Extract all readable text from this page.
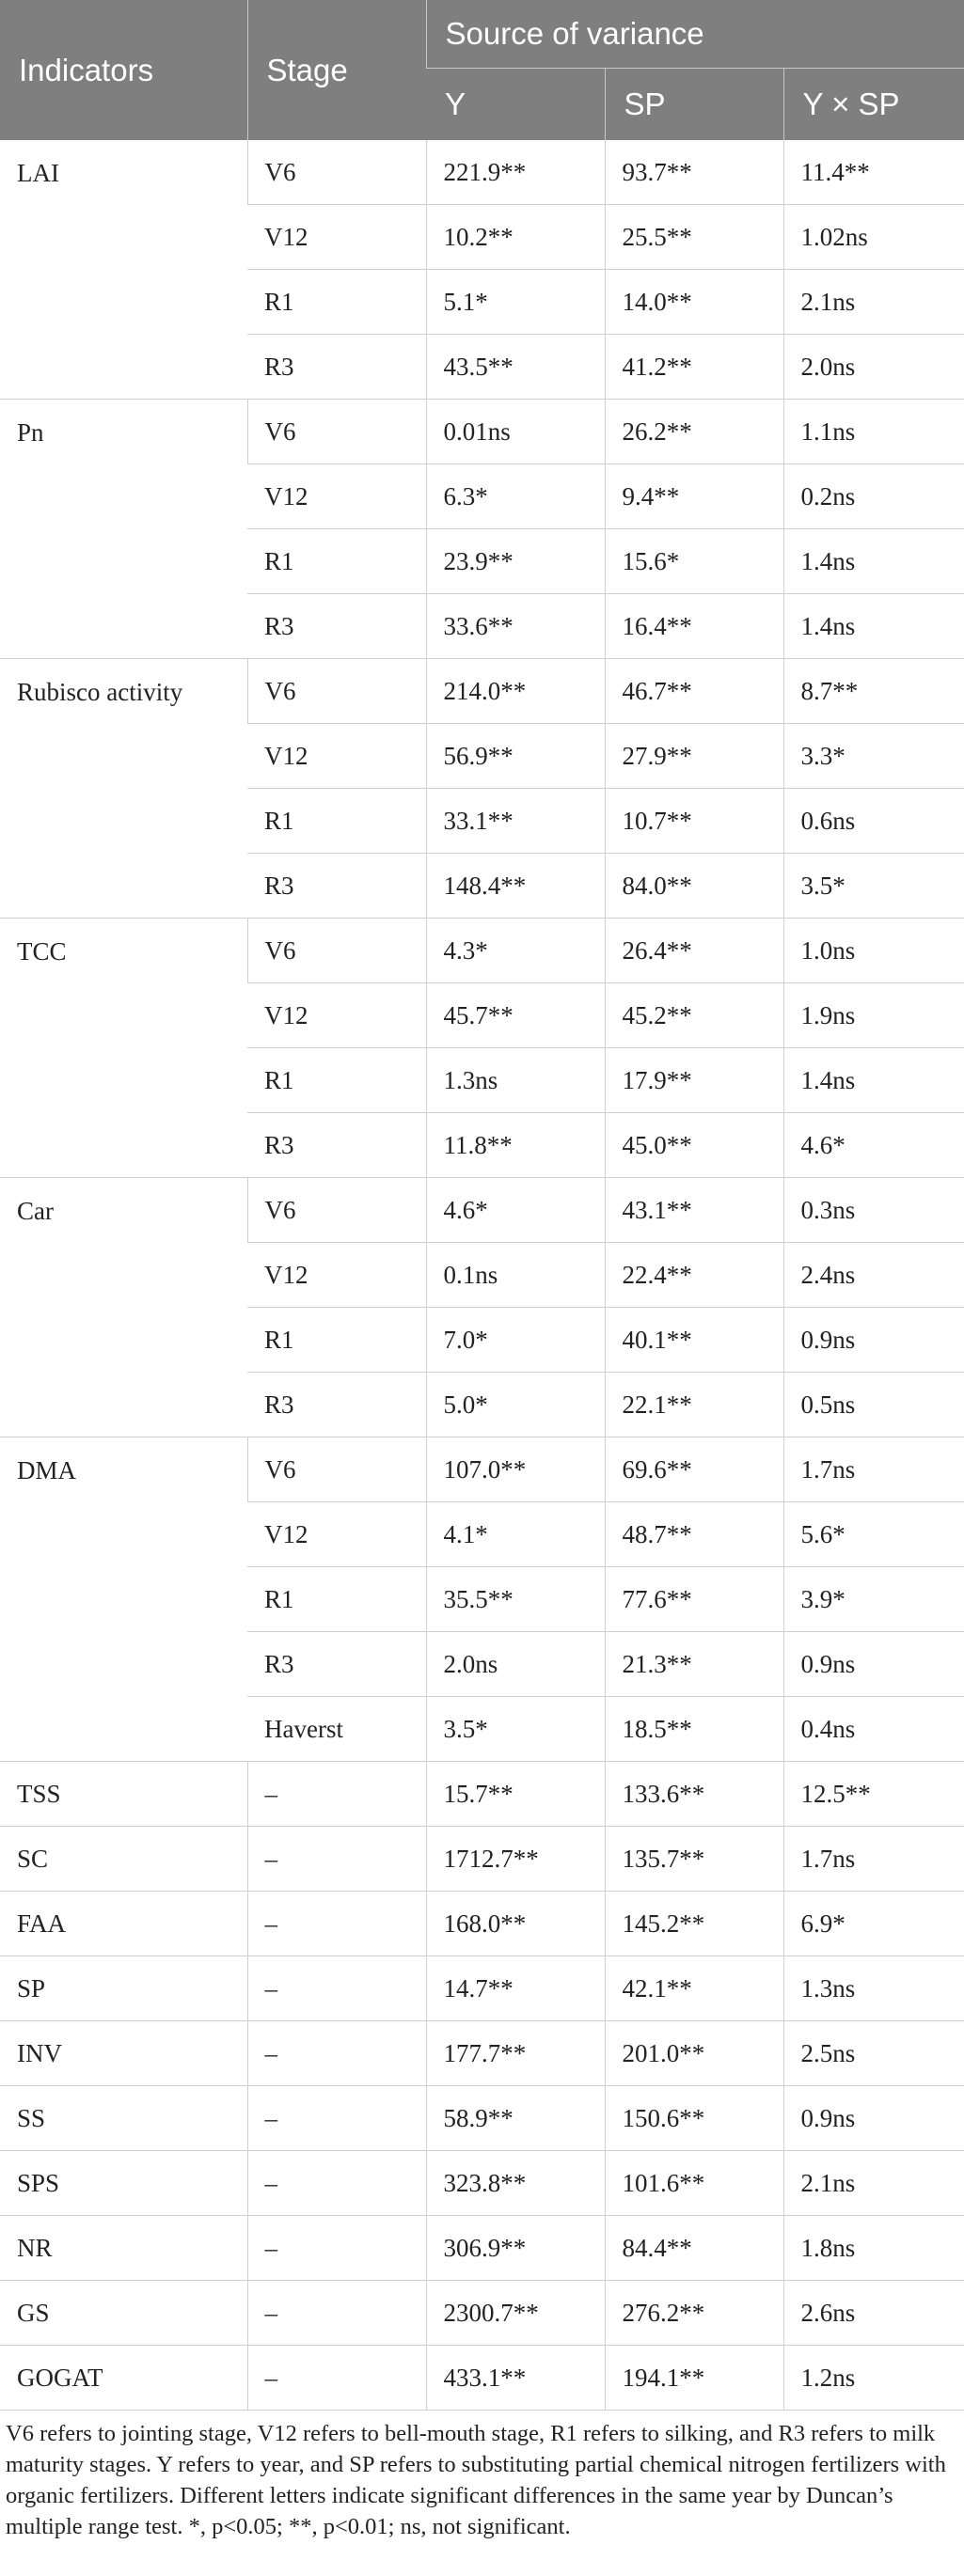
Indicators	Stage	Source of variance		
		Y	SP	Y × SP
LAI	V6	221.9**	93.7**	11.4**
	V12	10.2**	25.5**	1.02ns
	R1	5.1*	14.0**	2.1ns
	R3	43.5**	41.2**	2.0ns
Pn	V6	0.01ns	26.2**	1.1ns
	V12	6.3*	9.4**	0.2ns
	R1	23.9**	15.6*	1.4ns
	R3	33.6**	16.4**	1.4ns
Rubisco activity	V6	214.0**	46.7**	8.7**
	V12	56.9**	27.9**	3.3*
	R1	33.1**	10.7**	0.6ns
	R3	148.4**	84.0**	3.5*
TCC	V6	4.3*	26.4**	1.0ns
	V12	45.7**	45.2**	1.9ns
	R1	1.3ns	17.9**	1.4ns
	R3	11.8**	45.0**	4.6*
Car	V6	4.6*	43.1**	0.3ns
	V12	0.1ns	22.4**	2.4ns
	R1	7.0*	40.1**	0.9ns
	R3	5.0*	22.1**	0.5ns
DMA	V6	107.0**	69.6**	1.7ns
	V12	4.1*	48.7**	5.6*
	R1	35.5**	77.6**	3.9*
	R3	2.0ns	21.3**	0.9ns
	Haverst	3.5*	18.5**	0.4ns
TSS	–	15.7**	133.6**	12.5**
SC	–	1712.7**	135.7**	1.7ns
FAA	–	168.0**	145.2**	6.9*
SP	–	14.7**	42.1**	1.3ns
INV	–	177.7**	201.0**	2.5ns
SS	–	58.9**	150.6**	0.9ns
SPS	–	323.8**	101.6**	2.1ns
NR	–	306.9**	84.4**	1.8ns
GS	–	2300.7**	276.2**	2.6ns
GOGAT	–	433.1**	194.1**	1.2ns
V6 refers to jointing stage, V12 refers to bell-mouth stage, R1 refers to silking, and R3 refers to milk maturity stages. Y refers to year, and SP refers to substituting partial chemical nitrogen fertilizers with organic fertilizers. Different letters indicate significant differences in the same year by Duncan’s multiple range test. *, p<0.05; **, p<0.01; ns, not significant.
